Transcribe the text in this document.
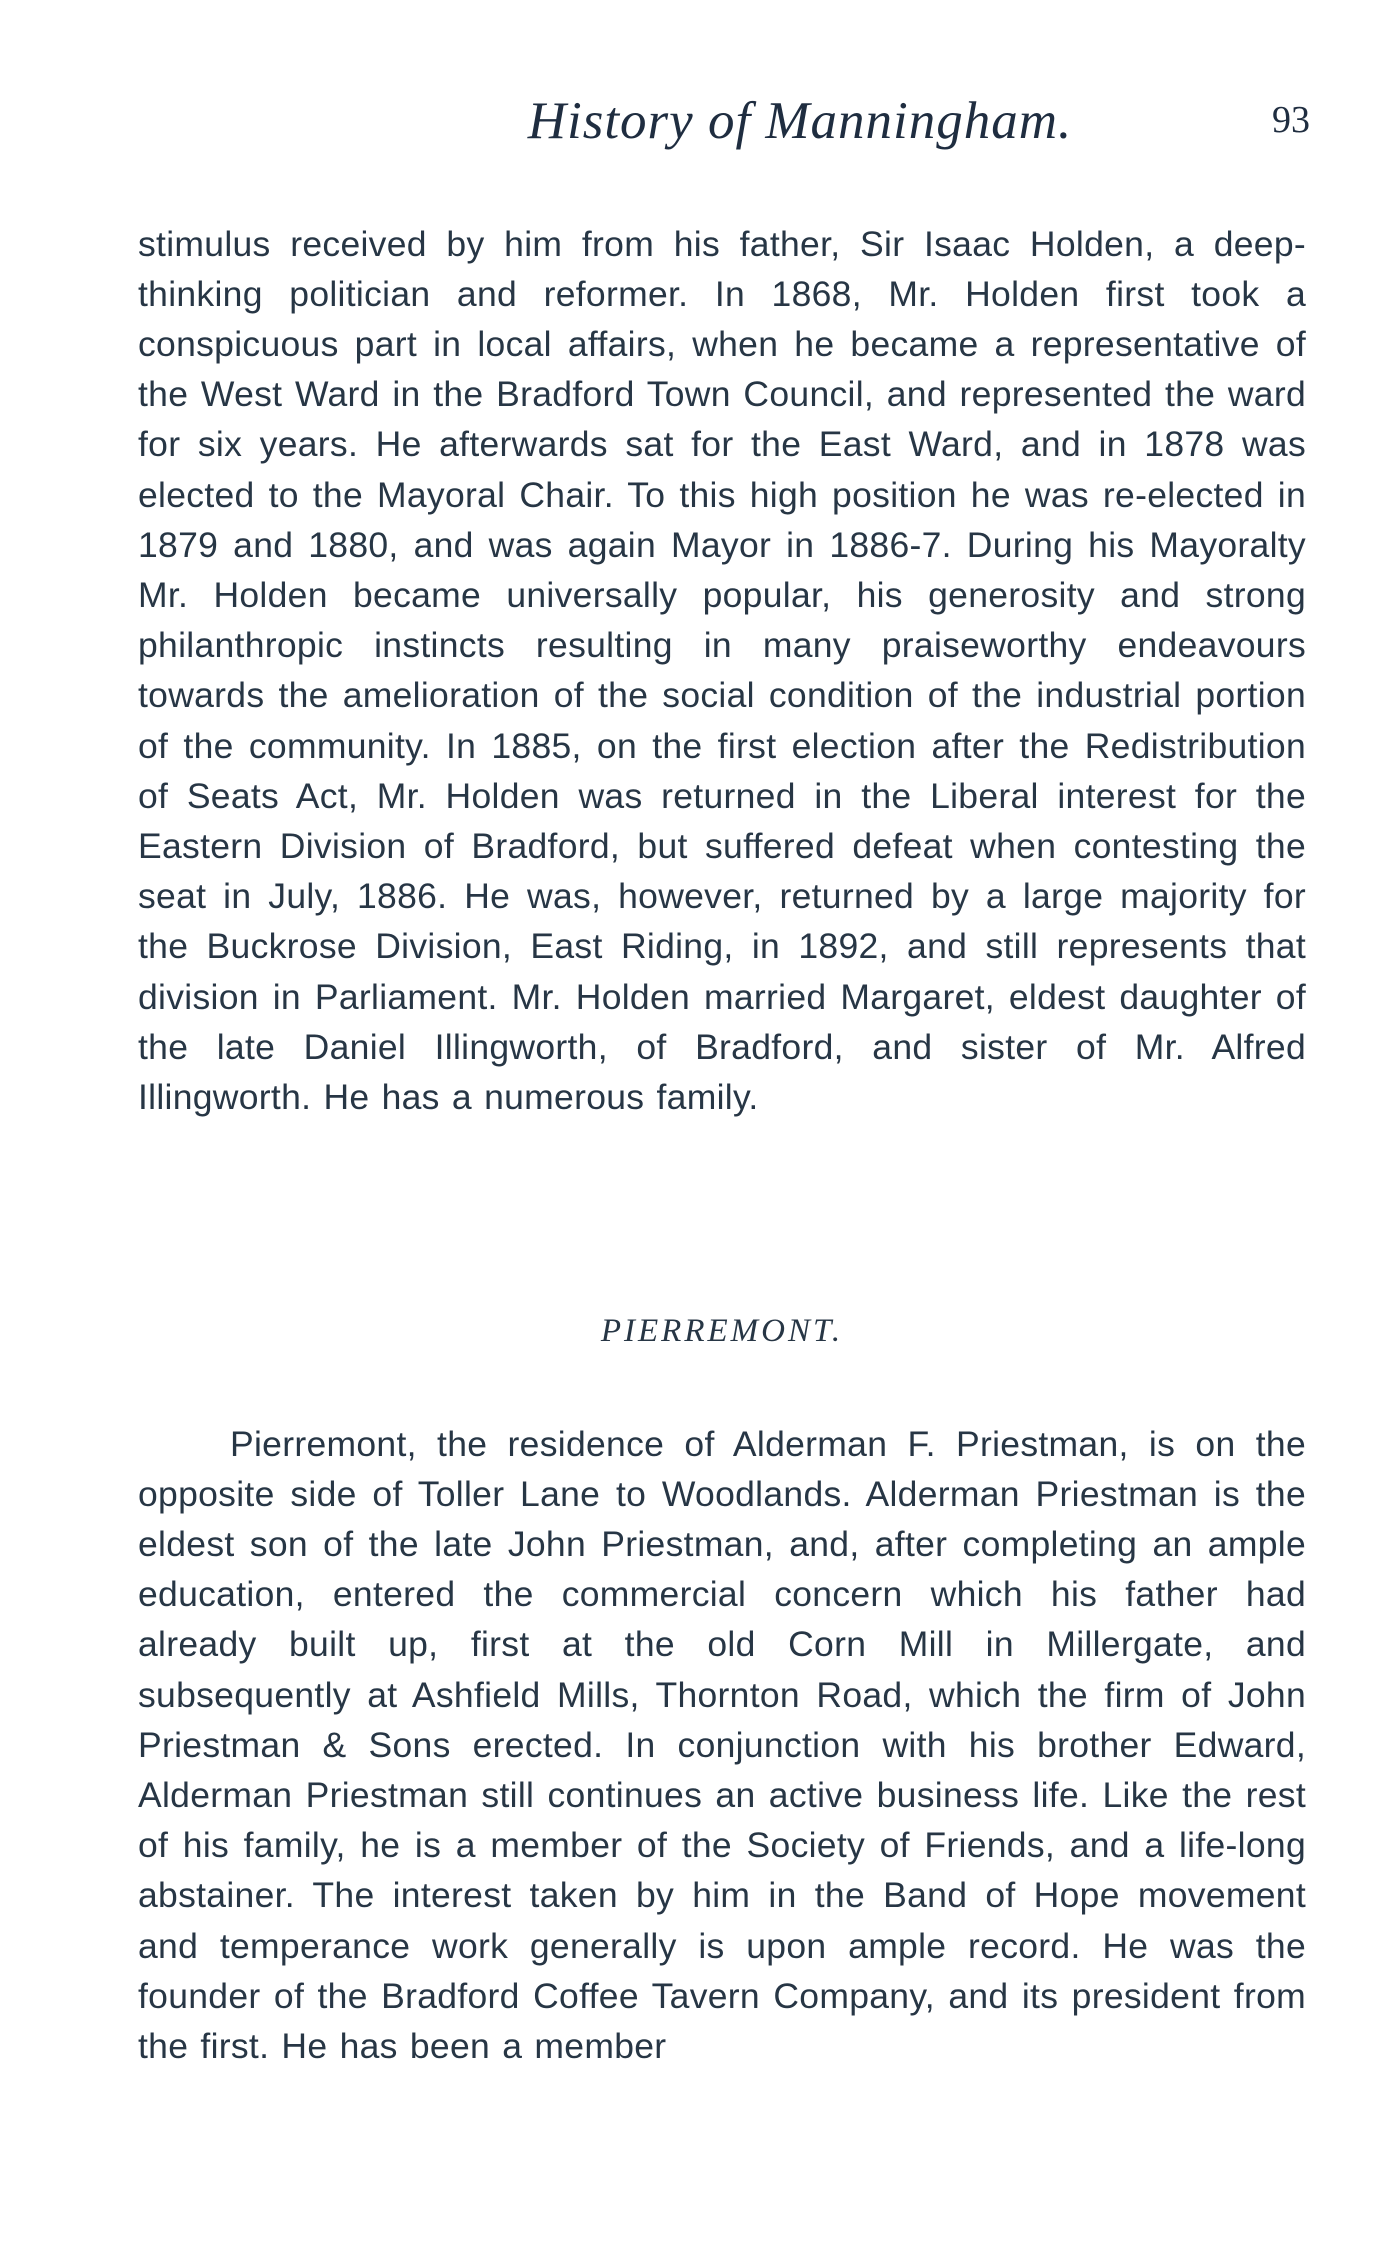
History of Manningham.	93

stimulus received by him from his father, Sir Isaac Holden, a deep-thinking politician and reformer. In 1868, Mr. Holden first took a conspicuous part in local affairs, when he became a representative of the West Ward in the Bradford Town Council, and represented the ward for six years. He afterwards sat for the East Ward, and in 1878 was elected to the Mayoral Chair. To this high position he was re-elected in 1879 and 1880, and was again Mayor in 1886-7. During his Mayoralty Mr. Holden became universally popular, his generosity and strong philanthropic instincts resulting in many praiseworthy endeavours towards the amelioration of the social condition of the industrial portion of the community. In 1885, on the first election after the Redistribution of Seats Act, Mr. Holden was returned in the Liberal interest for the Eastern Division of Bradford, but suffered defeat when contesting the seat in July, 1886. He was, however, returned by a large majority for the Buckrose Division, East Riding, in 1892, and still represents that division in Parliament. Mr. Holden married Margaret, eldest daughter of the late Daniel Illingworth, of Bradford, and sister of Mr. Alfred Illingworth. He has a numerous family.

PIERREMONT.

Pierremont, the residence of Alderman F. Priestman, is on the opposite side of Toller Lane to Woodlands. Alderman Priestman is the eldest son of the late John Priestman, and, after completing an ample education, entered the commercial concern which his father had already built up, first at the old Corn Mill in Millergate, and subsequently at Ashfield Mills, Thornton Road, which the firm of John Priestman & Sons erected. In conjunction with his brother Edward, Alderman Priestman still continues an active business life. Like the rest of his family, he is a member of the Society of Friends, and a life-long abstainer. The interest taken by him in the Band of Hope movement and temperance work generally is upon ample record. He was the founder of the Bradford Coffee Tavern Company, and its president from the first. He has been a member
